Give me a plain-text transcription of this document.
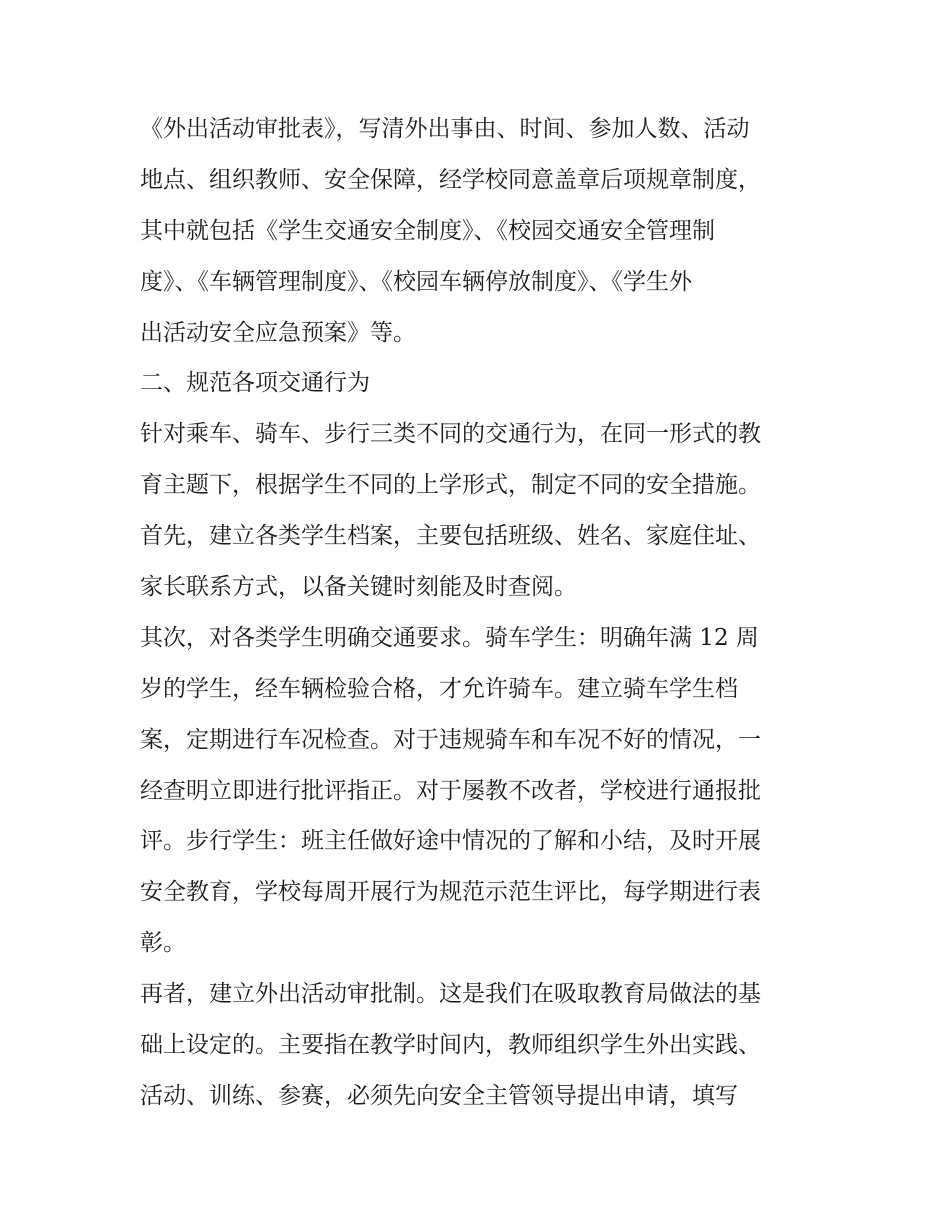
《外出活动审批表》，写清外出事由、时间、参加人数、活动
地点、组织教师、安全保障，经学校同意盖章后项规章制度，
其中就包括《学生交通安全制度》、《校园交通安全管理制
度》、《车辆管理制度》、《校园车辆停放制度》、《学生外
出活动安全应急预案》等。
二、规范各项交通行为
针对乘车、骑车、步行三类不同的交通行为，在同一形式的教
育主题下，根据学生不同的上学形式，制定不同的安全措施。
首先，建立各类学生档案，主要包括班级、姓名、家庭住址、
家长联系方式，以备关键时刻能及时查阅。
其次，对各类学生明确交通要求。骑车学生：明确年满 12 周
岁的学生，经车辆检验合格，才允许骑车。建立骑车学生档
案，定期进行车况检查。对于违规骑车和车况不好的情况，一
经查明立即进行批评指正。对于屡教不改者，学校进行通报批
评。步行学生：班主任做好途中情况的了解和小结，及时开展
安全教育，学校每周开展行为规范示范生评比，每学期进行表
彰。
再者，建立外出活动审批制。这是我们在吸取教育局做法的基
础上设定的。主要指在教学时间内，教师组织学生外出实践、
活动、训练、参赛，必须先向安全主管领导提出申请，填写
